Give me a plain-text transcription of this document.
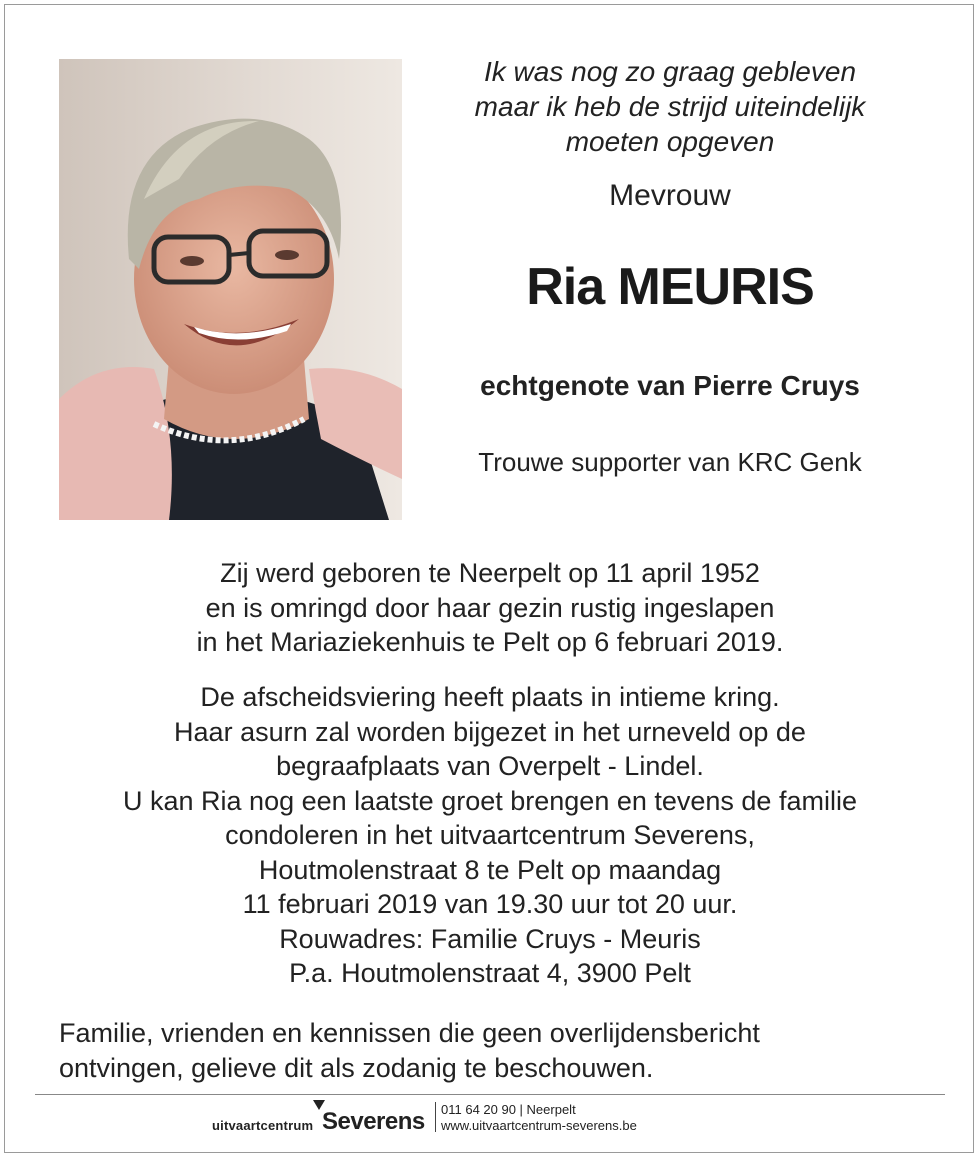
Ik was nog zo graag gebleven
maar ik heb de strijd uiteindelijk
moeten opgeven
Mevrouw
Ria MEURIS
echtgenote van Pierre Cruys
Trouwe supporter van KRC Genk
Zij werd geboren te Neerpelt op 11 april 1952
en is omringd door haar gezin rustig ingeslapen
in het Mariaziekenhuis te Pelt op 6 februari 2019.
De afscheidsviering heeft plaats in intieme kring.
Haar asurn zal worden bijgezet in het urneveld op de
begraafplaats van Overpelt - Lindel.
U kan Ria nog een laatste groet brengen en tevens de familie
condoleren in het uitvaartcentrum Severens,
Houtmolenstraat 8 te Pelt op maandag
11 februari 2019 van 19.30 uur tot 20 uur.
Rouwadres: Familie Cruys - Meuris
P.a. Houtmolenstraat 4, 3900 Pelt
Familie, vrienden en kennissen die geen overlijdensbericht
ontvingen, gelieve dit als zodanig te beschouwen.
uitvaartcentrum Severens 011 64 20 90 | Neerpelt
www.uitvaartcentrum-severens.be
